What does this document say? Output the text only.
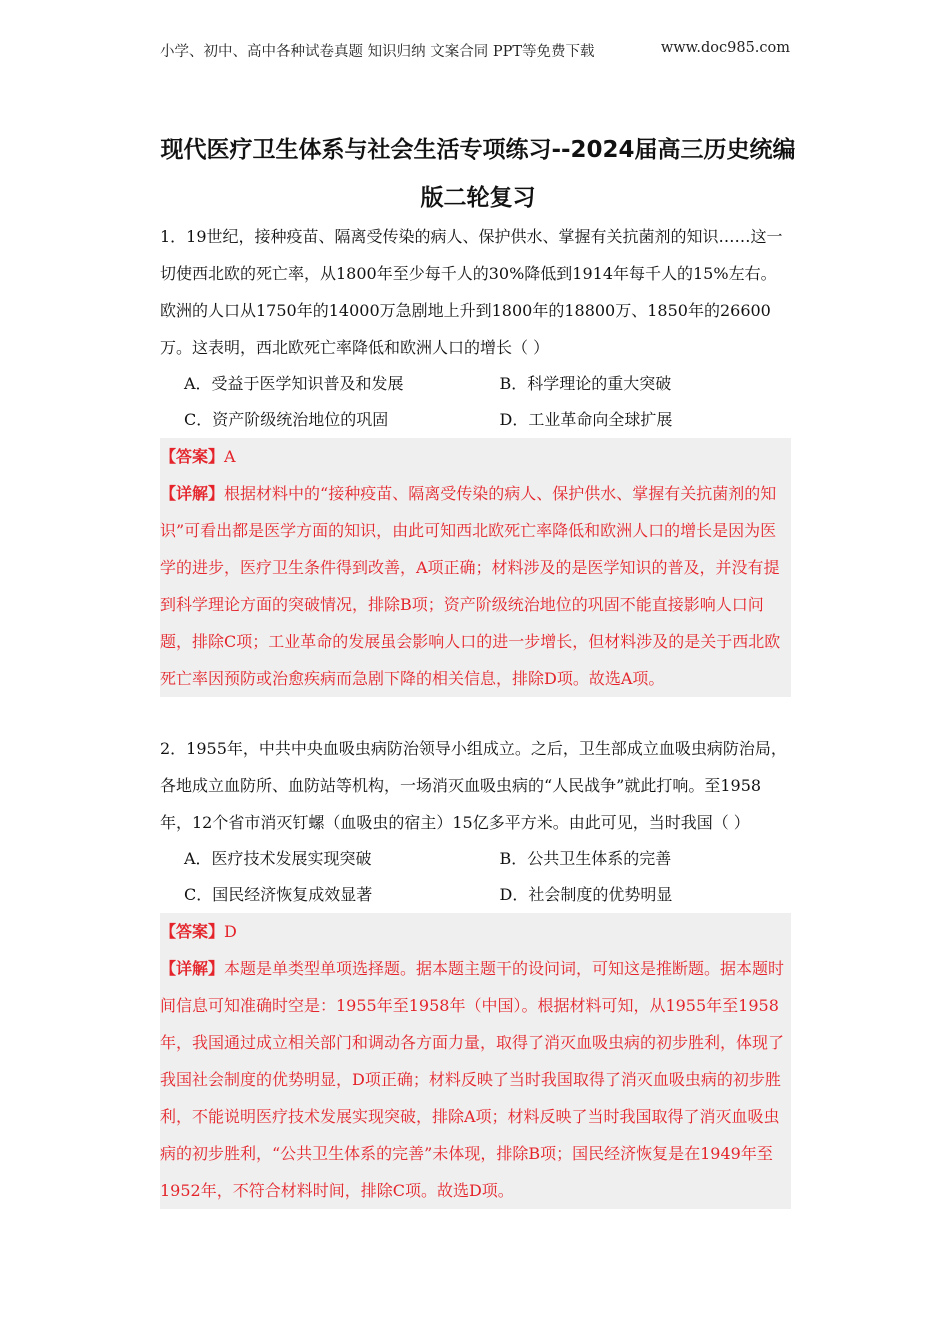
小学、初中、高中各种试卷真题 知识归纳 文案合同 PPT等免费下载	www.doc985.com
现代医疗卫生体系与社会生活专项练习--2024届高三历史统编版二轮复习

1．19世纪，接种疫苗、隔离受传染的病人、保护供水、掌握有关抗菌剂的知识……这一切使西北欧的死亡率，从1800年至少每千人的30%降低到1914年每千人的15%左右。欧洲的人口从1750年的14000万急剧地上升到1800年的18800万、1850年的26600万。这表明，西北欧死亡率降低和欧洲人口的增长（ ）

A．受益于医学知识普及和发展	B．科学理论的重大突破
C．资产阶级统治地位的巩固	D．工业革命向全球扩展

【答案】A

【详解】根据材料中的“接种疫苗、隔离受传染的病人、保护供水、掌握有关抗菌剂的知识”可看出都是医学方面的知识，由此可知西北欧死亡率降低和欧洲人口的增长是因为医学的进步，医疗卫生条件得到改善，A项正确；材料涉及的是医学知识的普及，并没有提到科学理论方面的突破情况，排除B项；资产阶级统治地位的巩固不能直接影响人口问题，排除C项；工业革命的发展虽会影响人口的进一步增长，但材料涉及的是关于西北欧死亡率因预防或治愈疾病而急剧下降的相关信息，排除D项。故选A项。

2．1955年，中共中央血吸虫病防治领导小组成立。之后，卫生部成立血吸虫病防治局，各地成立血防所、血防站等机构，一场消灭血吸虫病的“人民战争”就此打响。至1958年，12个省市消灭钉螺（血吸虫的宿主）15亿多平方米。由此可见，当时我国（ ）

A．医疗技术发展实现突破	B．公共卫生体系的完善
C．国民经济恢复成效显著	D．社会制度的优势明显

【答案】D

【详解】本题是单类型单项选择题。据本题主题干的设问词，可知这是推断题。据本题时间信息可知准确时空是：1955年至1958年（中国）。根据材料可知，从1955年至1958年，我国通过成立相关部门和调动各方面力量，取得了消灭血吸虫病的初步胜利，体现了我国社会制度的优势明显，D项正确；材料反映了当时我国取得了消灭血吸虫病的初步胜利，不能说明医疗技术发展实现突破，排除A项；材料反映了当时我国取得了消灭血吸虫病的初步胜利，“公共卫生体系的完善”未体现，排除B项；国民经济恢复是在1949年至1952年，不符合材料时间，排除C项。故选D项。
